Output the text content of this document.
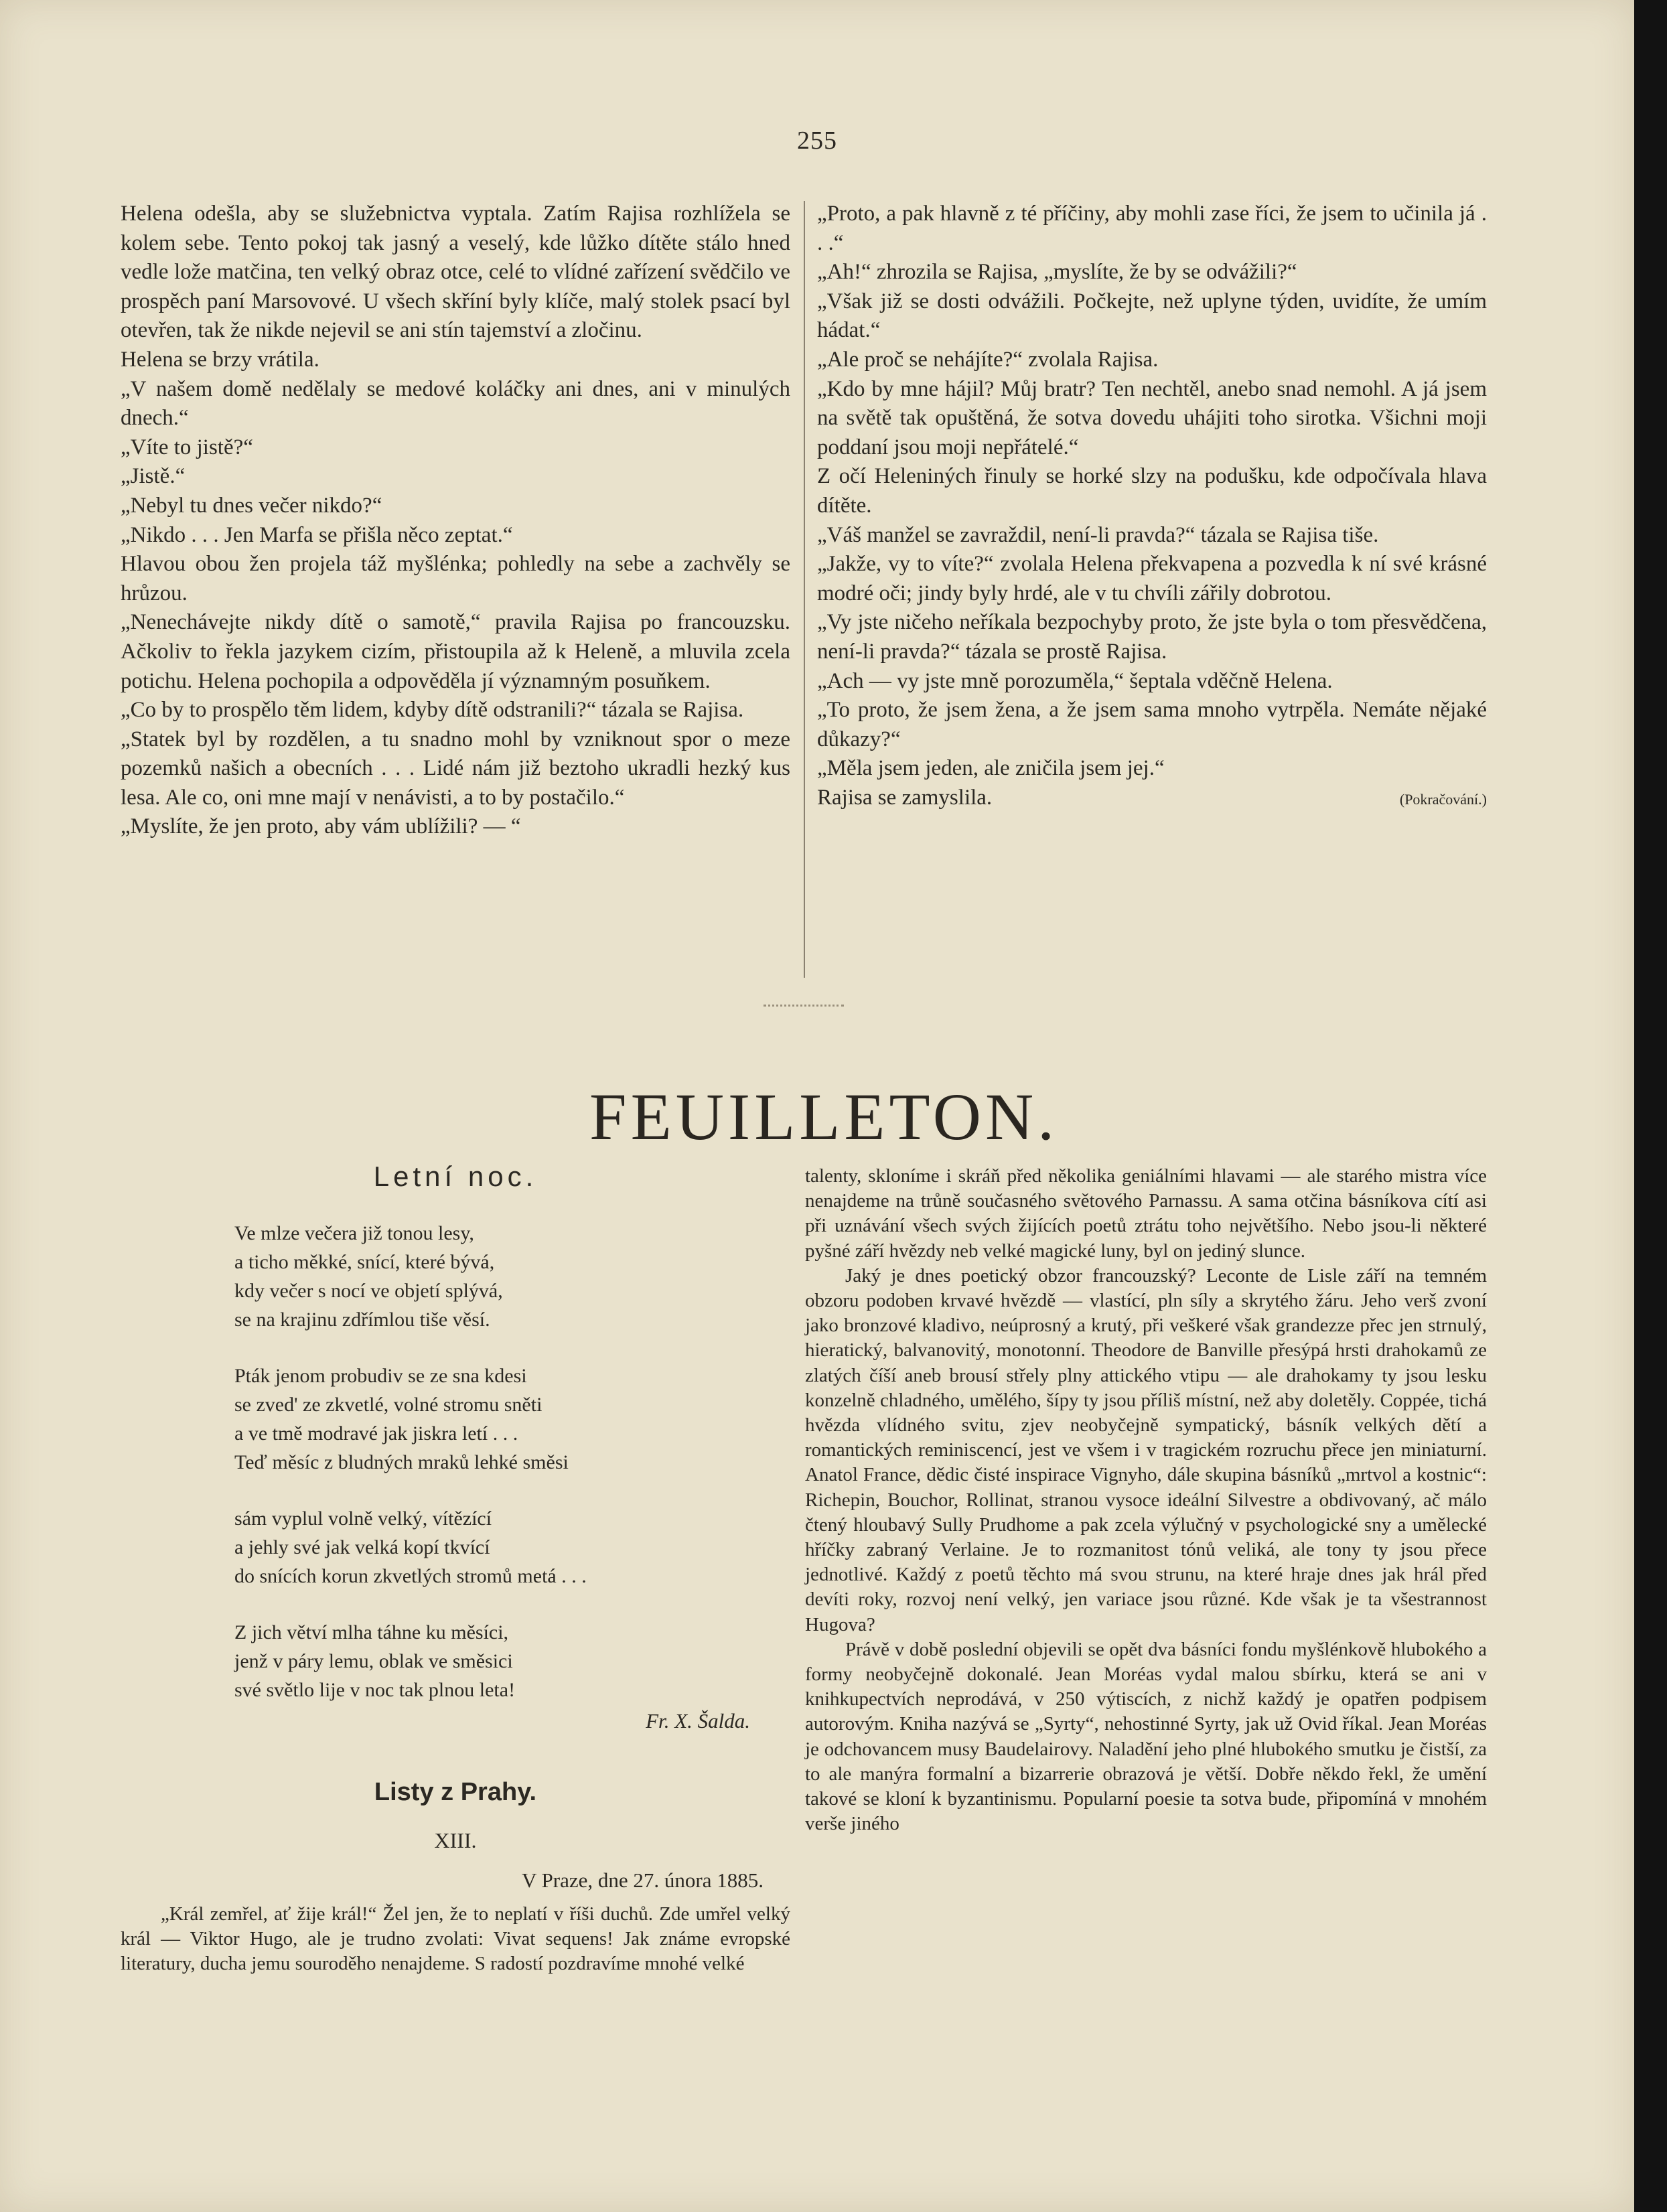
255

Helena odešla, aby se služebnictva vyptala. Zatím Rajisa rozhlížela se kolem sebe. Tento pokoj tak jasný a veselý, kde lůžko dítěte stálo hned vedle lože matčina, ten velký obraz otce, celé to vlídné zařízení svědčilo ve prospěch paní Marsovové. U všech skříní byly klíče, malý stolek psací byl otevřen, tak že nikde nejevil se ani stín tajemství a zločinu.

Helena se brzy vrátila.

„V našem domě nedělaly se medové koláčky ani dnes, ani v minulých dnech.“

„Víte to jistě?“

„Jistě.“

„Nebyl tu dnes večer nikdo?“

„Nikdo . . . Jen Marfa se přišla něco zeptat.“

Hlavou obou žen projela táž myšlénka; pohledly na sebe a zachvěly se hrůzou.

„Nenechávejte nikdy dítě o samotě,“ pravila Rajisa po francouzsku. Ačkoliv to řekla jazykem cizím, přistoupila až k Heleně, a mluvila zcela potichu. Helena pochopila a odpověděla jí významným posuňkem.

„Co by to prospělo těm lidem, kdyby dítě odstranili?“ tázala se Rajisa.

„Statek byl by rozdělen, a tu snadno mohl by vzniknout spor o meze pozemků našich a obecních . . . Lidé nám již beztoho ukradli hezký kus lesa. Ale co, oni mne mají v nenávisti, a to by postačilo.“

„Myslíte, že jen proto, aby vám ublížili? — “

„Proto, a pak hlavně z té příčiny, aby mohli zase říci, že jsem to učinila já . . .“

„Ah!“ zhrozila se Rajisa, „myslíte, že by se odvážili?“

„Však již se dosti odvážili. Počkejte, než uplyne týden, uvidíte, že umím hádat.“

„Ale proč se nehájíte?“ zvolala Rajisa.

„Kdo by mne hájil? Můj bratr? Ten nechtěl, anebo snad nemohl. A já jsem na světě tak opuštěná, že sotva dovedu uhájiti toho sirotka. Všichni moji poddaní jsou moji nepřátelé.“

Z očí Heleniných řinuly se horké slzy na podušku, kde odpočívala hlava dítěte.

„Váš manžel se zavraždil, není-li pravda?“ tázala se Rajisa tiše.

„Jakže, vy to víte?“ zvolala Helena překvapena a pozvedla k ní své krásné modré oči; jindy byly hrdé, ale v tu chvíli zářily dobrotou.

„Vy jste ničeho neříkala bezpochyby proto, že jste byla o tom přesvědčena, není-li pravda?“ tázala se prostě Rajisa.

„Ach — vy jste mně porozuměla,“ šeptala vděčně Helena.

„To proto, že jsem žena, a že jsem sama mnoho vytrpěla. Nemáte nějaké důkazy?“

„Měla jsem jeden, ale zničila jsem jej.“

Rajisa se zamyslila.	(Pokračování.)
FEUILLETON.
Letní noc.
Ve mlze večera již tonou lesy,
a ticho měkké, snící, které bývá,
kdy večer s nocí ve objetí splývá,
se na krajinu zdřímlou tiše věsí.
Pták jenom probudiv se ze sna kdesi
se zved' ze zkvetlé, volné stromu sněti
a ve tmě modravé jak jiskra letí . . .
Teď měsíc z bludných mraků lehké směsi
sám vyplul volně velký, vítězící
a jehly své jak velká kopí tkvící
do snících korun zkvetlých stromů metá . . .
Z jich větví mlha táhne ku měsíci,
jenž v páry lemu, oblak ve směsici
své světlo lije v noc tak plnou leta!
Fr. X. Šalda.
Listy z Prahy.
XIII.
V Praze, dne 27. února 1885.

„Král zemřel, ať žije král!“ Žel jen, že to neplatí v říši duchů. Zde umřel velký král — Viktor Hugo, ale je trudno zvolati: Vivat sequens! Jak známe evropské literatury, ducha jemu souroděho nenajdeme. S radostí pozdravíme mnohé velké

talenty, skloníme i skráň před několika geniálními hlavami — ale starého mistra více nenajdeme na trůně současného světového Parnassu. A sama otčina básníkova cítí asi při uznávání všech svých žijících poetů ztrátu toho největšího. Nebo jsou-li některé pyšné září hvězdy neb velké magické luny, byl on jediný slunce.

Jaký je dnes poetický obzor francouzský? Leconte de Lisle září na temném obzoru podoben krvavé hvězdě — vlastící, pln síly a skrytého žáru. Jeho verš zvoní jako bronzové kladivo, neúprosný a krutý, při veškeré však grandezze přec jen strnulý, hieratický, balvanovitý, monotonní. Theodore de Banville přesýpá hrsti drahokamů ze zlatých číší aneb brousí střely plny attického vtipu — ale drahokamy ty jsou lesku konzelně chladného, umělého, šípy ty jsou příliš místní, než aby doletěly. Coppée, tichá hvězda vlídného svitu, zjev neobyčejně sympatický, básník velkých dětí a romantických reminiscencí, jest ve všem i v tragickém rozruchu přece jen miniaturní. Anatol France, dědic čisté inspirace Vignyho, dále skupina básníků „mrtvol a kostnic“: Richepin, Bouchor, Rollinat, stranou vysoce ideální Silvestre a obdivovaný, ač málo čtený hloubavý Sully Prudhome a pak zcela výlučný v psychologické sny a umělecké hříčky zabraný Verlaine. Je to rozmanitost tónů veliká, ale tony ty jsou přece jednotlivé. Každý z poetů těchto má svou strunu, na které hraje dnes jak hrál před devíti roky, rozvoj není velký, jen variace jsou různé. Kde však je ta všestrannost Hugova?

Právě v době poslední objevili se opět dva básníci fondu myšlénkově hlubokého a formy neobyčejně dokonalé. Jean Moréas vydal malou sbírku, která se ani v knihkupectvích neprodává, v 250 výtiscích, z nichž každý je opatřen podpisem autorovým. Kniha nazývá se „Syrty“, nehostinné Syrty, jak už Ovid říkal. Jean Moréas je odchovancem musy Baudelairovy. Naladění jeho plné hlubokého smutku je čistší, za to ale manýra formalní a bizarrerie obrazová je větší. Dobře někdo řekl, že umění takové se kloní k byzantinismu. Popularní poesie ta sotva bude, připomíná v mnohém verše jiného
